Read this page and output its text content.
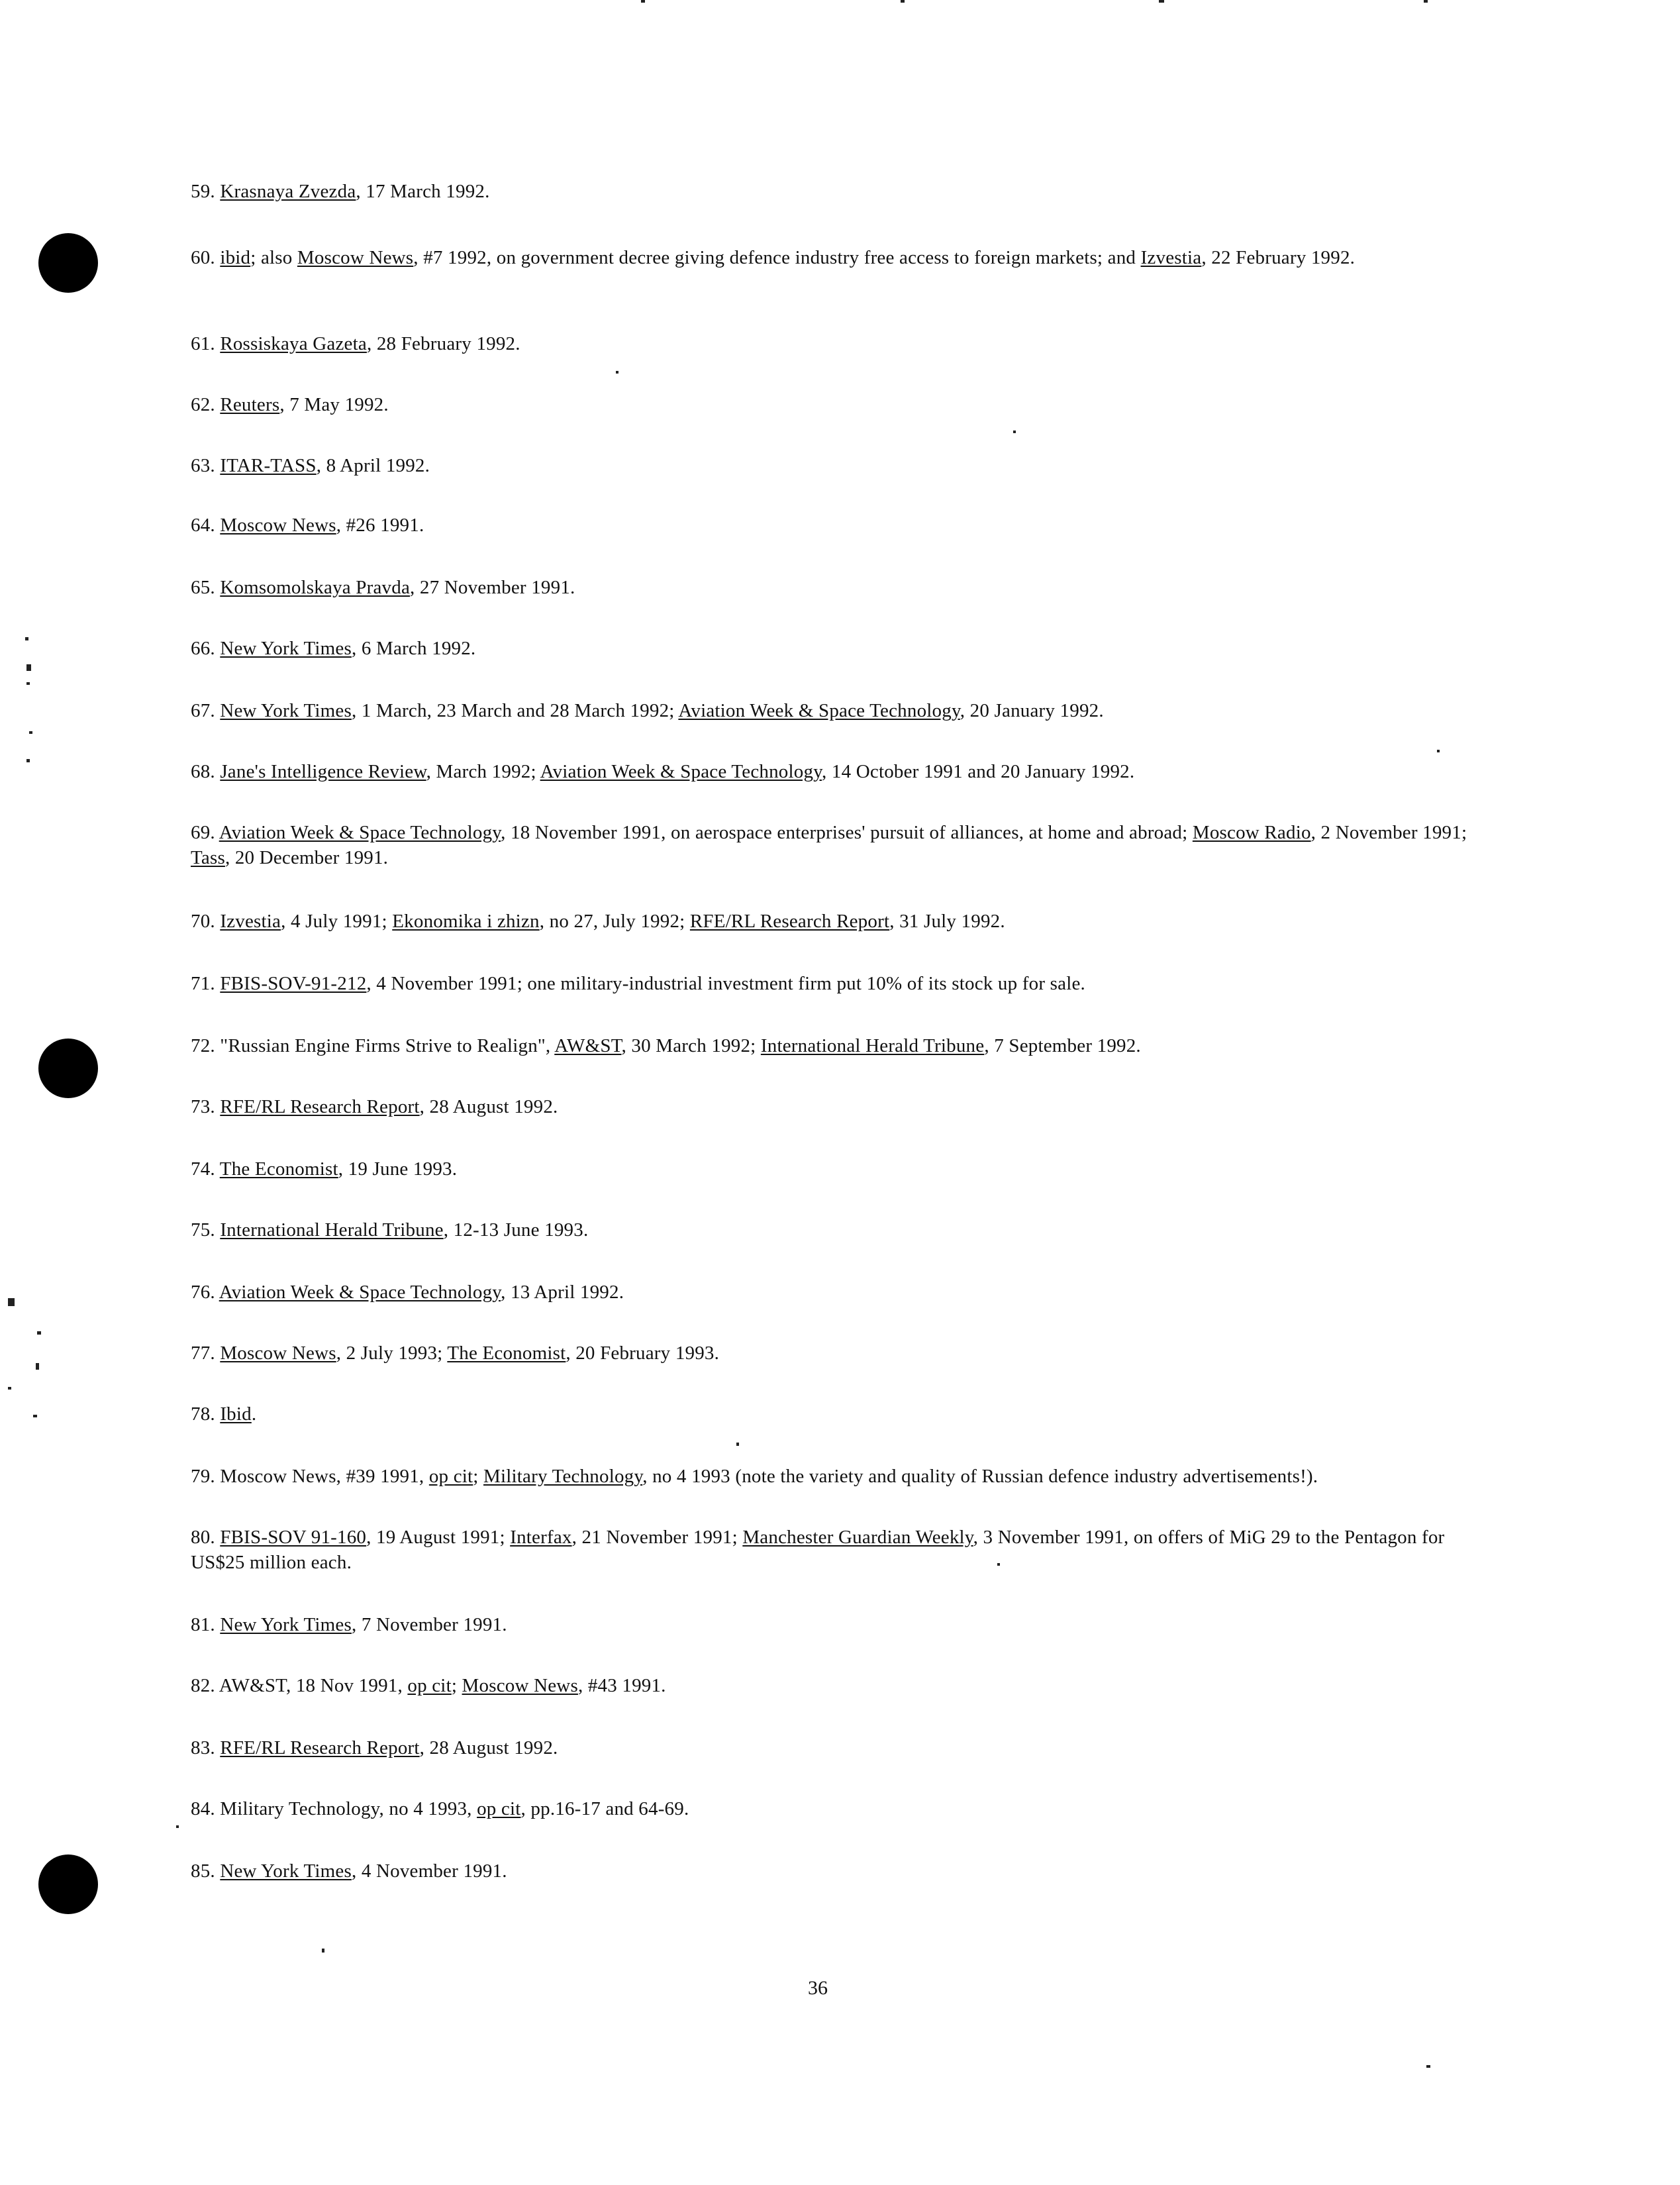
59. Krasnaya Zvezda, 17 March 1992.
60. ibid; also Moscow News, #7 1992, on government decree giving defence industry free access to foreign markets; and Izvestia, 22 February 1992.
61. Rossiskaya Gazeta, 28 February 1992.
62. Reuters, 7 May 1992.
63. ITAR-TASS, 8 April 1992.
64. Moscow News, #26 1991.
65. Komsomolskaya Pravda, 27 November 1991.
66. New York Times, 6 March 1992.
67. New York Times, 1 March, 23 March and 28 March 1992; Aviation Week & Space Technology, 20 January 1992.
68. Jane's Intelligence Review, March 1992; Aviation Week & Space Technology, 14 October 1991 and 20 January 1992.
69. Aviation Week & Space Technology, 18 November 1991, on aerospace enterprises' pursuit of alliances, at home and abroad; Moscow Radio, 2 November 1991; Tass, 20 December 1991.
70. Izvestia, 4 July 1991; Ekonomika i zhizn, no 27, July 1992; RFE/RL Research Report, 31 July 1992.
71. FBIS-SOV-91-212, 4 November 1991; one military-industrial investment firm put 10% of its stock up for sale.
72. "Russian Engine Firms Strive to Realign", AW&ST, 30 March 1992; International Herald Tribune, 7 September 1992.
73. RFE/RL Research Report, 28 August 1992.
74. The Economist, 19 June 1993.
75. International Herald Tribune, 12-13 June 1993.
76. Aviation Week & Space Technology, 13 April 1992.
77. Moscow News, 2 July 1993; The Economist, 20 February 1993.
78. Ibid.
79. Moscow News, #39 1991, op cit; Military Technology, no 4 1993 (note the variety and quality of Russian defence industry advertisements!).
80. FBIS-SOV 91-160, 19 August 1991; Interfax, 21 November 1991; Manchester Guardian Weekly, 3 November 1991, on offers of MiG 29 to the Pentagon for US$25 million each.
81. New York Times, 7 November 1991.
82. AW&ST, 18 Nov 1991, op cit; Moscow News, #43 1991.
83. RFE/RL Research Report, 28 August 1992.
84. Military Technology, no 4 1993, op cit, pp.16-17 and 64-69.
85. New York Times, 4 November 1991.
36
